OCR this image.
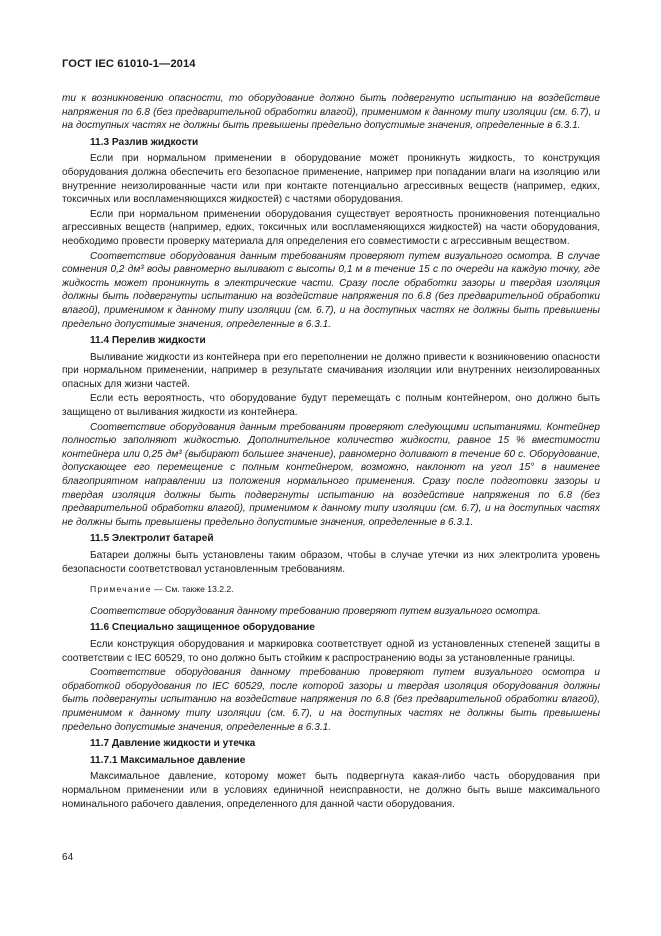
ГОСТ IEC 61010-1—2014

ти к возникновению опасности, то оборудование должно быть подвергнуто испытанию на воздействие напряжения по 6.8 (без предварительной обработки влагой), применимом к данному типу изоляции (см. 6.7), и на доступных частях не должны быть превышены предельно допустимые значения, определенные в 6.3.1.

11.3 Разлив жидкости

Если при нормальном применении в оборудование может проникнуть жидкость, то конструкция оборудования должна обеспечить его безопасное применение, например при попадании влаги на изоляцию или внутренние неизолированные части или при контакте потенциально агрессивных веществ (например, едких, токсичных или воспламеняющихся жидкостей) с частями оборудования.

Если при нормальном применении оборудования существует вероятность проникновения потенциально агрессивных веществ (например, едких, токсичных или воспламеняющихся жидкостей) на части оборудования, необходимо провести проверку материала для определения его совместимости с агрессивным веществом.

Соответствие оборудования данным требованиям проверяют путем визуального осмотра. В случае сомнения 0,2 дм³ воды равномерно выливают с высоты 0,1 м в течение 15 с по очереди на каждую точку, где жидкость может проникнуть в электрические части. Сразу после обработки зазоры и твердая изоляция должны быть подвергнуты испытанию на воздействие напряжения по 6.8 (без предварительной обработки влагой), применимом к данному типу изоляции (см. 6.7), и на доступных частях не должны быть превышены предельно допустимые значения, определенные в 6.3.1.

11.4 Перелив жидкости

Выливание жидкости из контейнера при его переполнении не должно привести к возникновению опасности при нормальном применении, например в результате смачивания изоляции или внутренних неизолированных опасных для жизни частей.

Если есть вероятность, что оборудование будут перемещать с полным контейнером, оно должно быть защищено от выливания жидкости из контейнера.

Соответствие оборудования данным требованиям проверяют следующими испытаниями. Контейнер полностью заполняют жидкостью. Дополнительное количество жидкости, равное 15 % вместимости контейнера или 0,25 дм³ (выбирают большее значение), равномерно доливают в течение 60 с. Оборудование, допускающее его перемещение с полным контейнером, возможно, наклонют на угол 15° в наименее благоприятном направлении из положения нормального применения. Сразу после подготовки зазоры и твердая изоляция должны быть подвергнуты испытанию на воздействие напряжения по 6.8 (без предварительной обработки влагой), применимом к данному типу изоляции (см. 6.7), и на доступных частях не должны быть превышены предельно допустимые значения, определенные в 6.3.1.

11.5 Электролит батарей

Батареи должны быть установлены таким образом, чтобы в случае утечки из них электролита уровень безопасности соответствовал установленным требованиям.

Примечание — См. также 13.2.2.

Соответствие оборудования данному требованию проверяют путем визуального осмотра.

11.6 Специально защищенное оборудование

Если конструкция оборудования и маркировка соответствует одной из установленных степеней защиты в соответствии с IEC 60529, то оно должно быть стойким к распространению воды за установленные границы.

Соответствие оборудования данному требованию проверяют путем визуального осмотра и обработкой оборудования по IEC 60529, после которой зазоры и твердая изоляция оборудования должны быть подвергнуты испытанию на воздействие напряжения по 6.8 (без предварительной обработки влагой), применимом к данному типу изоляции (см. 6.7), и на доступных частях не должны быть превышены предельно допустимые значения, определенные в 6.3.1.

11.7 Давление жидкости и утечка
11.7.1 Максимальное давление

Максимальное давление, которому может быть подвергнута какая-либо часть оборудования при нормальном применении или в условиях единичной неисправности, не должно быть выше максимального номинального рабочего давления, определенного для данной части оборудования.

64
